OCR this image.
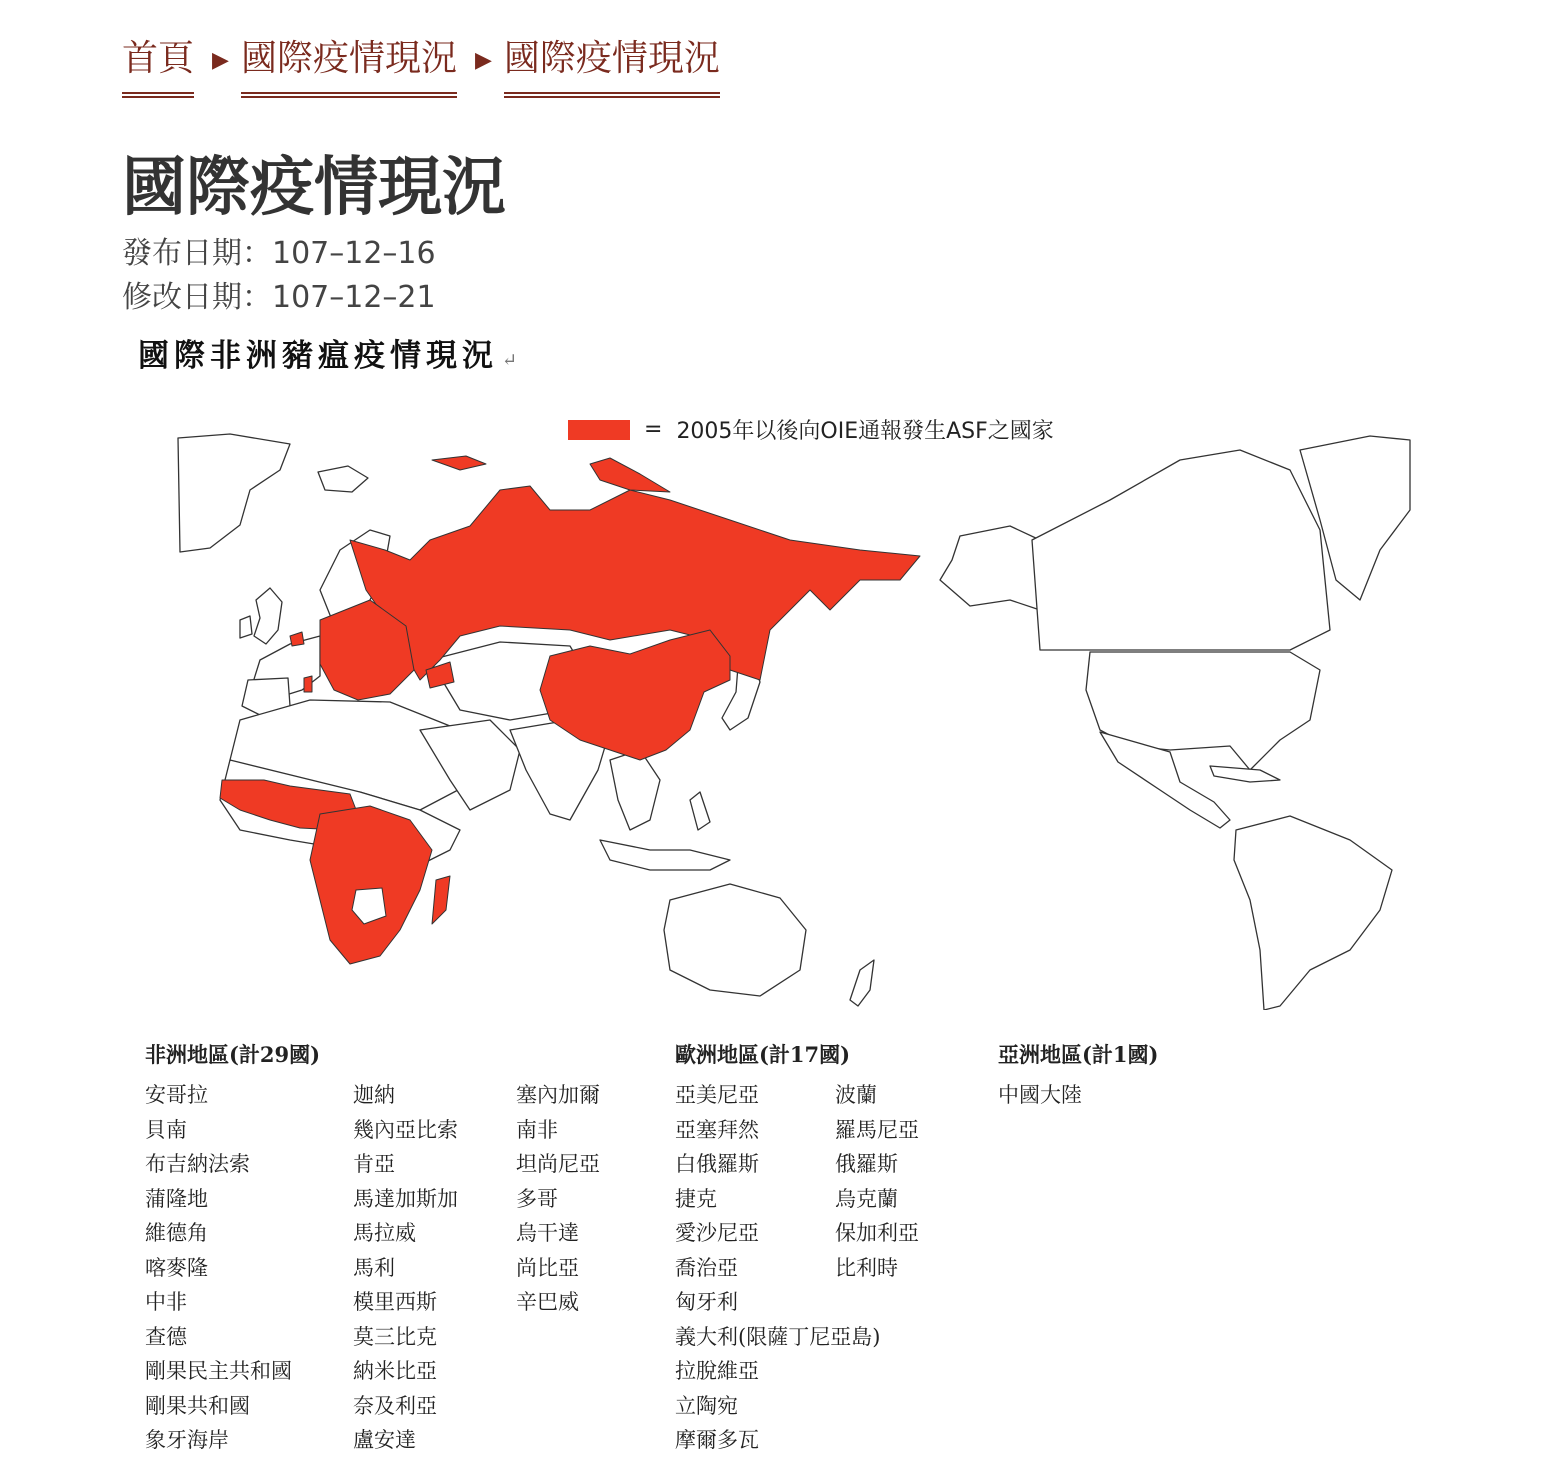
首頁 ▶ 國際疫情現況 ▶ 國際疫情現況
國際疫情現況
發布日期：107–12–16
修改日期：107–12–21
國際非洲豬瘟疫情現況 ↵
= 2005年以後向OIE通報發生ASF之國家
非洲地區(計29國)
安哥拉
貝南
布吉納法索
蒲隆地
維德角
喀麥隆
中非
查德
剛果民主共和國
剛果共和國
象牙海岸
迦納
幾內亞比索
肯亞
馬達加斯加
馬拉威
馬利
模里西斯
莫三比克
納米比亞
奈及利亞
盧安達
塞內加爾
南非
坦尚尼亞
多哥
烏干達
尚比亞
辛巴威
歐洲地區(計17國)
亞美尼亞
亞塞拜然
白俄羅斯
捷克
愛沙尼亞
喬治亞
匈牙利
義大利(限薩丁尼亞島)
拉脫維亞
立陶宛
摩爾多瓦
波蘭
羅馬尼亞
俄羅斯
烏克蘭
保加利亞
比利時
亞洲地區(計1國)
中國大陸
